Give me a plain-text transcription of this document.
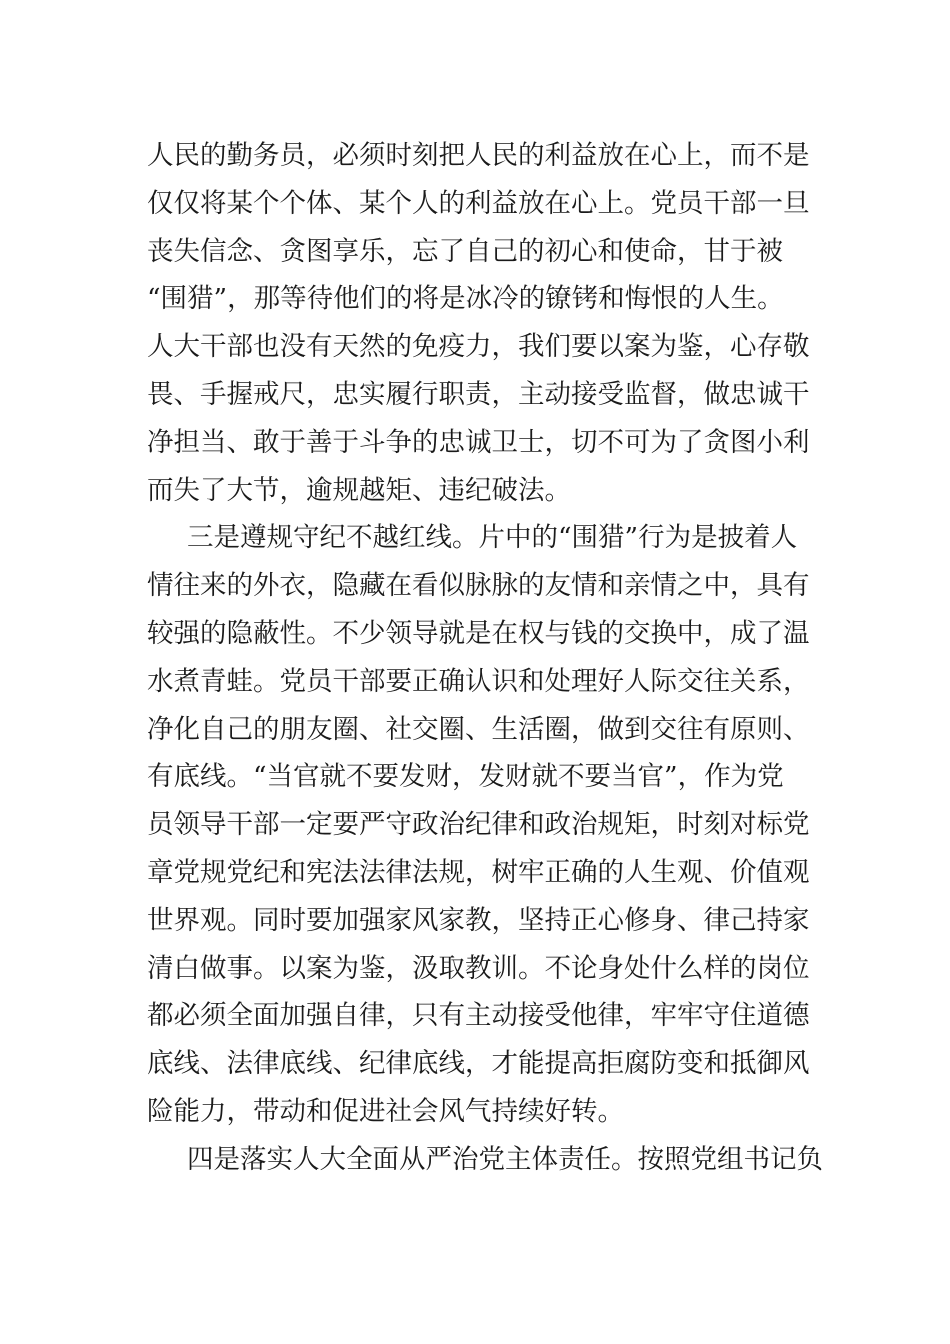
人民的勤务员，必须时刻把人民的利益放在心上，而不是
仅仅将某个个体、某个人的利益放在心上。党员干部一旦
丧失信念、贪图享乐，忘了自己的初心和使命，甘于被
“围猎”，那等待他们的将是冰冷的镣铐和悔恨的人生。
人大干部也没有天然的免疫力，我们要以案为鉴，心存敬
畏、手握戒尺，忠实履行职责，主动接受监督，做忠诚干
净担当、敢于善于斗争的忠诚卫士，切不可为了贪图小利
而失了大节，逾规越矩、违纪破法。
三是遵规守纪不越红线。片中的“围猎”行为是披着人
情往来的外衣，隐藏在看似脉脉的友情和亲情之中，具有
较强的隐蔽性。不少领导就是在权与钱的交换中，成了温
水煮青蛙。党员干部要正确认识和处理好人际交往关系，
净化自己的朋友圈、社交圈、生活圈，做到交往有原则、
有底线。“当官就不要发财，发财就不要当官”，作为党
员领导干部一定要严守政治纪律和政治规矩，时刻对标党
章党规党纪和宪法法律法规，树牢正确的人生观、价值观
世界观。同时要加强家风家教，坚持正心修身、律己持家
清白做事。以案为鉴，汲取教训。不论身处什么样的岗位
都必须全面加强自律，只有主动接受他律，牢牢守住道德
底线、法律底线、纪律底线，才能提高拒腐防变和抵御风
险能力，带动和促进社会风气持续好转。
四是落实人大全面从严治党主体责任。按照党组书记负
